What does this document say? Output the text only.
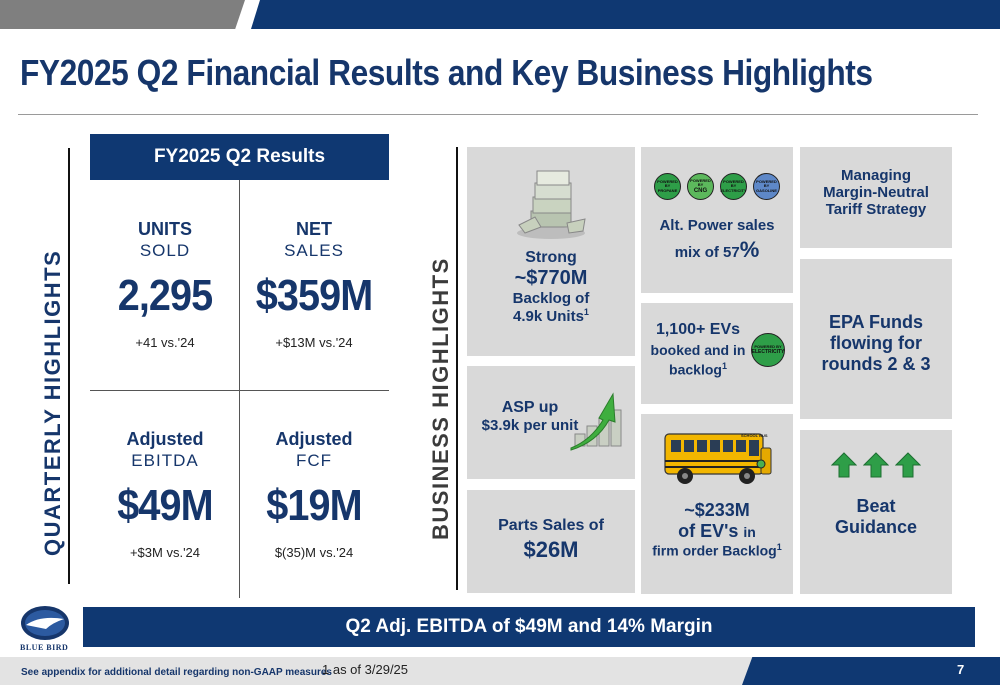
FY2025 Q2 Financial Results and Key Business Highlights
QUARTERLY HIGHLIGHTS	BUSINESS HIGHLIGHTS
FY2025 Q2 Results
UNITS
SOLD
2,295
+41 vs.'24
NET
SALES
$359M
+$13M vs.'24
Adjusted
EBITDA
$49M
+$3M vs.'24
Adjusted
FCF
$19M
$(35)M vs.'24
Strong
~$770M
Backlog of
4.9k Units$^1$
ASP up
$3.9k per unit
Parts Sales of
$26M
POWERED BY
PROPANE
POWERED BY
CNG
POWERED BY
ELECTRICITY
POWERED BY
GASOLINE
Alt. Power sales
mix of 57%
1,100+ EVs
booked and in
backlog$^1$
POWERED BY
ELECTRICITY
SCHOOL BUS
~$233M
of EV's in
firm order Backlog$^1$
Managing
Margin-Neutral
Tariff Strategy
EPA Funds
flowing for
rounds 2 & 3
Beat
Guidance
BLUE BIRD
Q2 Adj. EBITDA of $49M and 14% Margin
See appendix for additional detail regarding non-GAAP measures
1 as of 3/29/25	7
